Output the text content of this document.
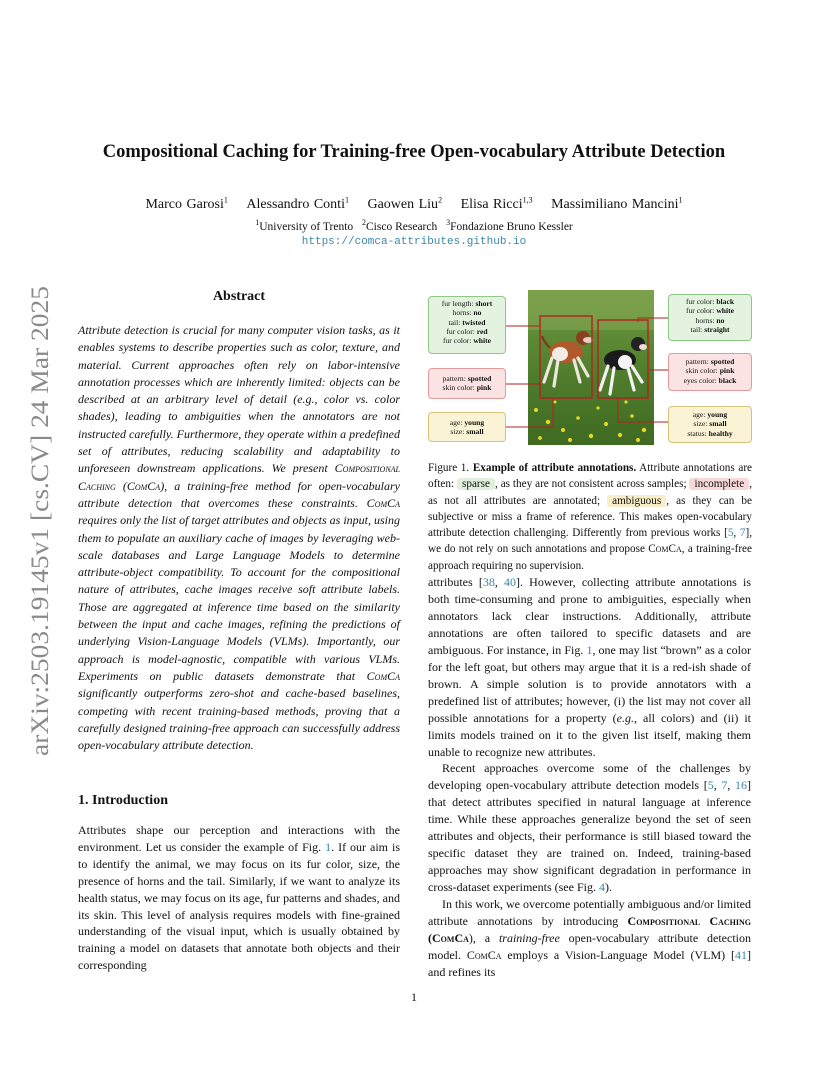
arXiv:2503.19145v1 [cs.CV] 24 Mar 2025
Compositional Caching for Training-free Open-vocabulary Attribute Detection
Marco Garosi$^1$ Alessandro Conti$^1$ Gaowen Liu$^2$ Elisa Ricci$^{1,3}$ Massimiliano Mancini$^1$
$^1$University of Trento $^2$Cisco Research $^3$Fondazione Bruno Kessler
https://comca-attributes.github.io
Abstract
Attribute detection is crucial for many computer vision tasks, as it enables systems to describe properties such as color, texture, and material. Current approaches often rely on labor-intensive annotation processes which are inherently limited: objects can be described at an arbitrary level of detail (e.g., color vs. color shades), leading to ambiguities when the annotators are not instructed carefully. Furthermore, they operate within a predefined set of attributes, reducing scalability and adaptability to unforeseen downstream applications. We present Compositional Caching (ComCa), a training-free method for open-vocabulary attribute detection that overcomes these constraints. ComCa requires only the list of target attributes and objects as input, using them to populate an auxiliary cache of images by leveraging web-scale databases and Large Language Models to determine attribute-object compatibility. To account for the compositional nature of attributes, cache images receive soft attribute labels. Those are aggregated at inference time based on the similarity between the input and cache images, refining the predictions of underlying Vision-Language Models (VLMs). Importantly, our approach is model-agnostic, compatible with various VLMs. Experiments on public datasets demonstrate that ComCa significantly outperforms zero-shot and cache-based baselines, competing with recent training-based methods, proving that a carefully designed training-free approach can successfully address open-vocabulary attribute detection.
1. Introduction
Attributes shape our perception and interactions with the environment. Let us consider the example of Fig. 1. If our aim is to identify the animal, we may focus on its fur color, size, the presence of horns and the tail. Similarly, if we want to analyze its health status, we may focus on its age, fur patterns and shades, and its skin. This level of analysis requires models with fine-grained understanding of the visual input, which is usually obtained by training a model on datasets that annotate both objects and their corresponding
fur length: short
horns: no
tail: twisted
fur color: red
fur color: white
pattern: spotted
skin color: pink
age: young
size: small
fur color: black
fur color: white
horns: no
tail: straight
pattern: spotted
skin color: pink
eyes color: black
age: young
size: small
status: healthy
Figure 1. Example of attribute annotations. Attribute annotations are often: sparse , as they are not consistent across samples; incomplete , as not all attributes are annotated; ambiguous , as they can be subjective or miss a frame of reference. This makes open-vocabulary attribute detection challenging. Differently from previous works [5, 7], we do not rely on such annotations and propose ComCa, a training-free approach requiring no supervision.

attributes [38, 40]. However, collecting attribute annotations is both time-consuming and prone to ambiguities, especially when annotators lack clear instructions. Additionally, attribute annotations are often tailored to specific datasets and are ambiguous. For instance, in Fig. 1, one may list “brown” as a color for the left goat, but others may argue that it is a red-ish shade of brown. A simple solution is to provide annotators with a predefined list of attributes; however, (i) the list may not cover all possible annotations for a property (e.g., all colors) and (ii) it limits models trained on it to the given list itself, making them unable to recognize new attributes.

Recent approaches overcome some of the challenges by developing open-vocabulary attribute detection models [5, 7, 16] that detect attributes specified in natural language at inference time. While these approaches generalize beyond the set of seen attributes and objects, their performance is still biased toward the specific dataset they are trained on. Indeed, training-based approaches may show significant degradation in performance in cross-dataset experiments (see Fig. 4).

In this work, we overcome potentially ambiguous and/or limited attribute annotations by introducing Compositional Caching (ComCa), a training-free open-vocabulary attribute detection model. ComCa employs a Vision-Language Model (VLM) [41] and refines its

1
